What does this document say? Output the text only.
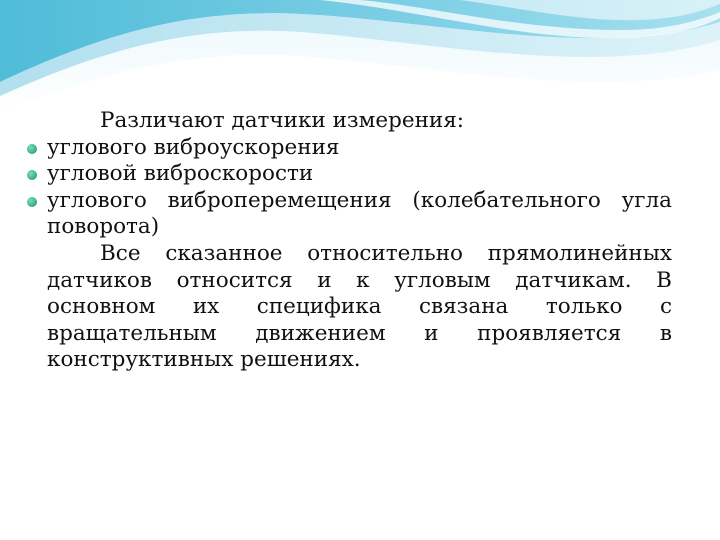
Различают датчики измерения:

углового виброускорения
угловой виброскорости
углового виброперемещения (колебательного угла поворота)

Все сказанное относительно прямолинейных датчиков относится и к угловым датчикам. В основном их специфика связана только с вращательным движением и проявляется в конструктивных решениях.
